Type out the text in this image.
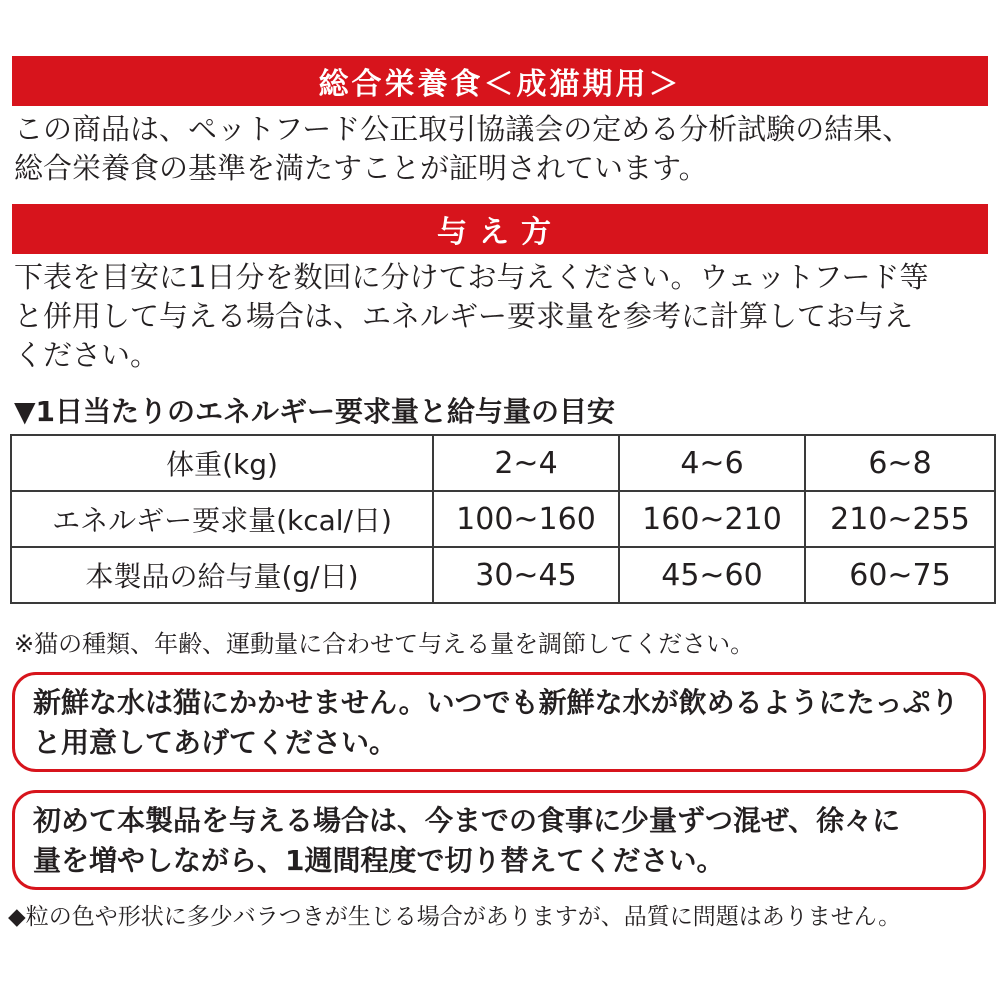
総合栄養食＜成猫期用＞
この商品は、ペットフード公正取引協議会の定める分析試験の結果、
総合栄養食の基準を満たすことが証明されています。
与え方
下表を目安に1日分を数回に分けてお与えください。ウェットフード等
と併用して与える場合は、エネルギー要求量を参考に計算してお与え
ください。
▼1日当たりのエネルギー要求量と給与量の目安
体重(kg)	2~4	4~6	6~8
エネルギー要求量(kcal/日)	100~160	160~210	210~255
本製品の給与量(g/日)	30~45	45~60	60~75
※猫の種類、年齢、運動量に合わせて与える量を調節してください。
新鮮な水は猫にかかせません。いつでも新鮮な水が飲めるようにたっぷり
と用意してあげてください。
初めて本製品を与える場合は、今までの食事に少量ずつ混ぜ、徐々に
量を増やしながら、1週間程度で切り替えてください。
◆粒の色や形状に多少バラつきが生じる場合がありますが、品質に問題はありません。
